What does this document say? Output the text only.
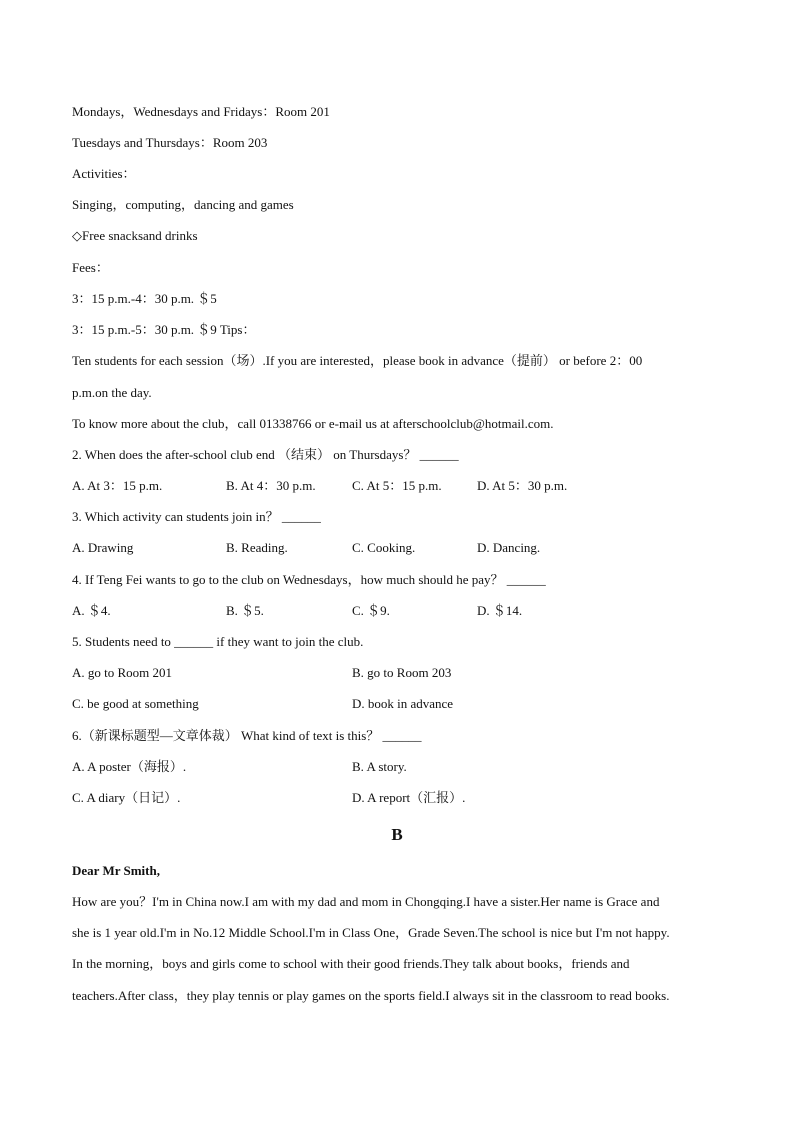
Mondays，Wednesdays and Fridays：Room 201
Tuesdays and Thursdays：Room 203
Activities：
Singing，computing，dancing and games
◇Free snacksand drinks
Fees：
3：15 p.m.-4：30 p.m. ＄5
3：15 p.m.-5：30 p.m. ＄9 Tips：
Ten students for each session（场）.If you are interested，please book in advance（提前） or before 2：00
p.m.on the day.
To know more about the club，call 01338766 or e-mail us at afterschoolclub@hotmail.com.
2. When does the after-school club end （结束） on Thursdays？ ______
A. At 3：15 p.m.	B. At 4：30 p.m.	C. At 5：15 p.m.	D. At 5：30 p.m.
3. Which activity can students join in？ ______
A. Drawing	B. Reading.	C. Cooking.	D. Dancing.
4. If Teng Fei wants to go to the club on Wednesdays，how much should he pay？ ______
A. ＄4.	B. ＄5.	C. ＄9.	D. ＄14.
5. Students need to ______ if they want to join the club.
A. go to Room 201	B. go to Room 203
C. be good at something	D. book in advance
6.（新课标题型—文章体裁） What kind of text is this？ ______
A. A poster（海报）.	B. A story.
C. A diary（日记）.	D. A report（汇报）.
B
Dear Mr Smith,
How are you？I'm in China now.I am with my dad and mom in Chongqing.I have a sister.Her name is Grace and
she is 1 year old.I'm in No.12 Middle School.I'm in Class One，Grade Seven.The school is nice but I'm not happy.
In the morning，boys and girls come to school with their good friends.They talk about books，friends and
teachers.After class，they play tennis or play games on the sports field.I always sit in the classroom to read books.
